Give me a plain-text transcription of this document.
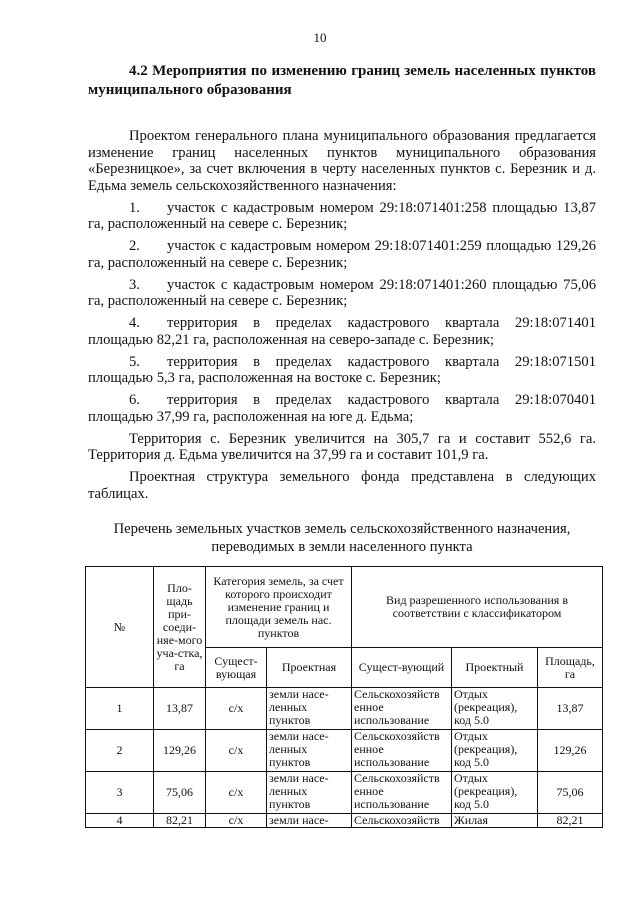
10

4.2 Мероприятия по изменению границ земель населенных пунктов муниципального образования

Проектом генерального плана муниципального образования предлагается изменение границ населенных пунктов муниципального образования «Березницкое», за счет включения в черту населенных пунктов с. Березник и д. Едьма земель сельскохозяйственного назначения:

1. участок с кадастровым номером 29:18:071401:258 площадью 13,87 га, расположенный на севере с. Березник;

2. участок с кадастровым номером 29:18:071401:259 площадью 129,26 га, расположенный на севере с. Березник;

3. участок с кадастровым номером 29:18:071401:260 площадью 75,06 га, расположенный на севере с. Березник;

4. территория в пределах кадастрового квартала 29:18:071401 площадью 82,21 га, расположенная на северо-западе с. Березник;

5. территория в пределах кадастрового квартала 29:18:071501 площадью 5,3 га, расположенная на востоке с. Березник;

6. территория в пределах кадастрового квартала 29:18:070401 площадью 37,99 га, расположенная на юге д. Едьма;

Территория с. Березник увеличится на 305,7 га и составит 552,6 га. Территория д. Едьма увеличится на 37,99 га и составит 101,9 га.

Проектная структура земельного фонда представлена в следующих таблицах.

Перечень земельных участков земель сельскохозяйственного назначения, переводимых в земли населенного пункта
№	Пло-щадь при-соеди-няе-мого уча-стка, га	Категория земель, за счет которого происходит изменение границ и площади земель нас. пунктов		Вид разрешенного использования в соответствии с классификатором		
		Сущест-вующая	Проектная	Сущест-вующий	Проектный	Площадь, га
1	13,87	с/х	земли насе-ленных пунктов	Сельскохозяйств енное использование	Отдых (рекреация), код 5.0	13,87
2	129,26	с/х	земли насе-ленных пунктов	Сельскохозяйств енное использование	Отдых (рекреация), код 5.0	129,26
3	75,06	с/х	земли насе-ленных пунктов	Сельскохозяйств енное использование	Отдых (рекреация), код 5.0	75,06
4	82,21	с/х	земли насе-	Сельскохозяйств	Жилая	82,21
